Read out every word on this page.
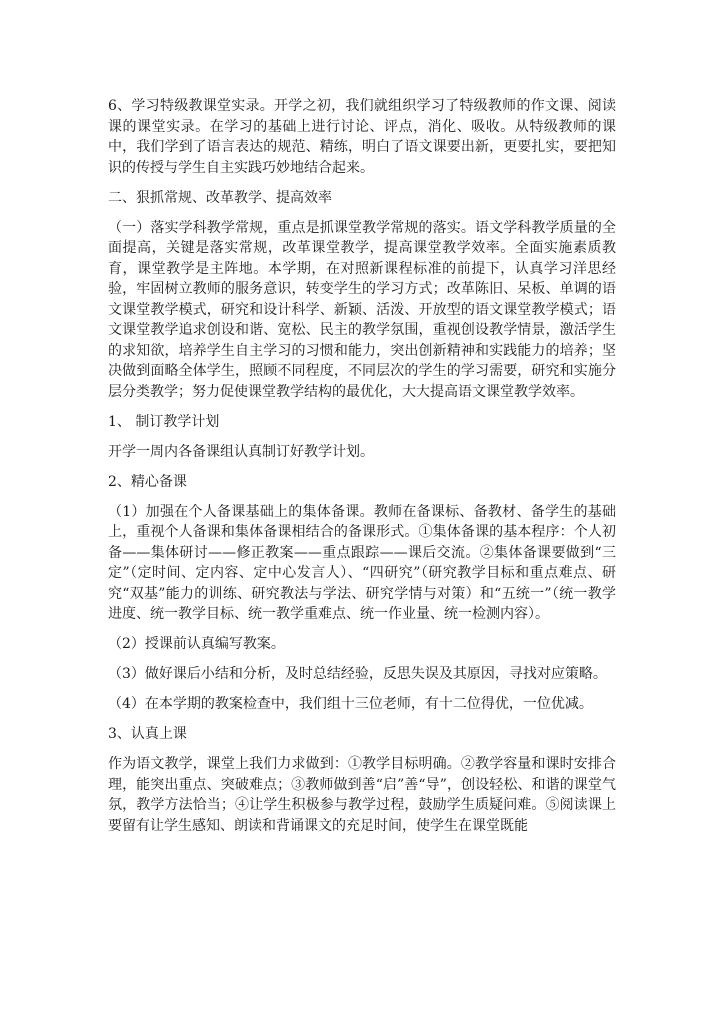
6、学习特级教课堂实录。开学之初，我们就组织学习了特级教师的作文课、阅读课的课堂实录。在学习的基础上进行讨论、评点，消化、吸收。从特级教师的课中，我们学到了语言表达的规范、精练，明白了语文课要出新，更要扎实，要把知识的传授与学生自主实践巧妙地结合起来。

二、狠抓常规、改革教学、提高效率

（一）落实学科教学常规，重点是抓课堂教学常规的落实。语文学科教学质量的全面提高，关键是落实常规，改革课堂教学，提高课堂教学效率。全面实施素质教育，课堂教学是主阵地。本学期，在对照新课程标准的前提下，认真学习洋思经验，牢固树立教师的服务意识，转变学生的学习方式；改革陈旧、呆板、单调的语文课堂教学模式，研究和设计科学、新颖、活泼、开放型的语文课堂教学模式；语文课堂教学追求创设和谐、宽松、民主的教学氛围，重视创设教学情景，激活学生的求知欲，培养学生自主学习的习惯和能力，突出创新精神和实践能力的培养；坚决做到面略全体学生，照顾不同程度，不同层次的学生的学习需要，研究和实施分层分类教学；努力促使课堂教学结构的最优化，大大提高语文课堂教学效率。

1、 制订教学计划

开学一周内各备课组认真制订好教学计划。

2、精心备课

（1）加强在个人备课基础上的集体备课。教师在备课标、备教材、备学生的基础上，重视个人备课和集体备课相结合的备课形式。①集体备课的基本程序：个人初备——集体研讨——修正教案——重点跟踪——课后交流。②集体备课要做到“三定”（定时间、定内容、定中心发言人）、“四研究”（研究教学目标和重点难点、研究“双基”能力的训练、研究教法与学法、研究学情与对策）和“五统一”（统一教学进度、统一教学目标、统一教学重难点、统一作业量、统一检测内容）。

（2）授课前认真编写教案。

（3）做好课后小结和分析，及时总结经验，反思失误及其原因，寻找对应策略。

（4）在本学期的教案检查中，我们组十三位老师，有十二位得优，一位优减。

3、认真上课

作为语文教学，课堂上我们力求做到：①教学目标明确。②教学容量和课时安排合理，能突出重点、突破难点；③教师做到善“启”善“导”，创设轻松、和谐的课堂气氛，教学方法恰当；④让学生积极参与教学过程，鼓励学生质疑问难。⑤阅读课上要留有让学生感知、朗读和背诵课文的充足时间，使学生在课堂既能
